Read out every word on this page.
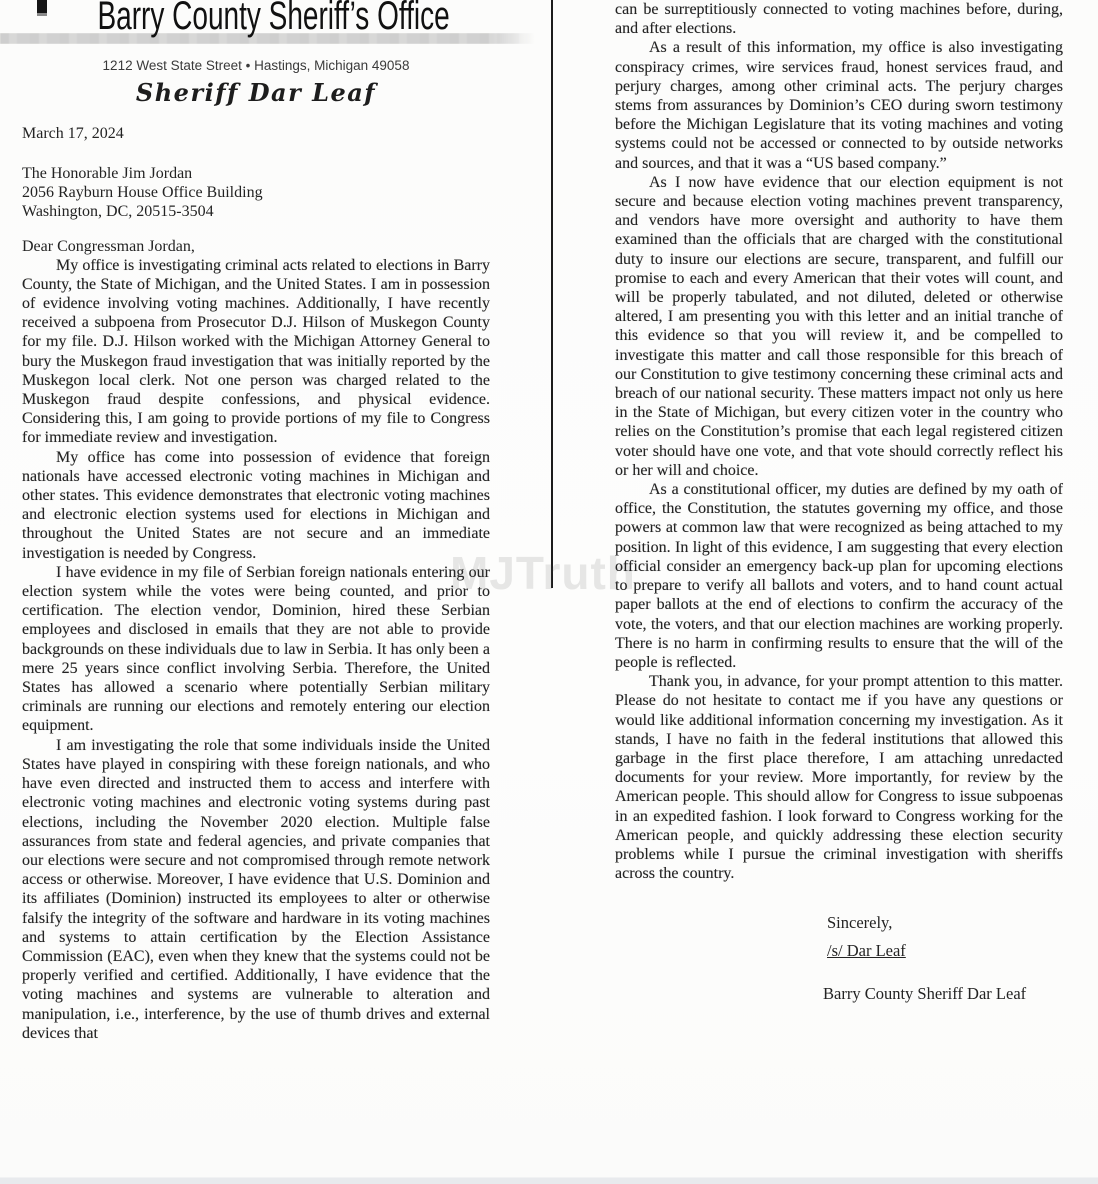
Barry County Sheriff’s Office
1212 West State Street • Hastings, Michigan 49058
Sheriff Dar Leaf
March 17, 2024
The Honorable Jim Jordan
2056 Rayburn House Office Building
Washington, DC, 20515-3504
Dear Congressman Jordan,

My office is investigating criminal acts related to elections in Barry County, the State of Michigan, and the United States. I am in possession of evidence involving voting machines. Additionally, I have recently received a subpoena from Prosecutor D.J. Hilson of Muskegon County for my file. D.J. Hilson worked with the Michigan Attorney General to bury the Muskegon fraud investigation that was initially reported by the Muskegon local clerk. Not one person was charged related to the Muskegon fraud despite confessions, and physical evidence. Considering this, I am going to provide portions of my file to Congress for immediate review and investigation.

My office has come into possession of evidence that foreign nationals have accessed electronic voting machines in Michigan and other states. This evidence demonstrates that electronic voting machines and electronic election systems used for elections in Michigan and throughout the United States are not secure and an immediate investigation is needed by Congress.

I have evidence in my file of Serbian foreign nationals entering our election system while the votes were being counted, and prior to certification. The election vendor, Dominion, hired these Serbian employees and disclosed in emails that they are not able to provide backgrounds on these individuals due to law in Serbia. It has only been a mere 25 years since conflict involving Serbia. Therefore, the United States has allowed a scenario where potentially Serbian military criminals are running our elections and remotely entering our election equipment.

I am investigating the role that some individuals inside the United States have played in conspiring with these foreign nationals, and who have even directed and instructed them to access and interfere with electronic voting machines and electronic voting systems during past elections, including the November 2020 election. Multiple false assurances from state and federal agencies, and private companies that our elections were secure and not compromised through remote network access or otherwise. Moreover, I have evidence that U.S. Dominion and its affiliates (Dominion) instructed its employees to alter or otherwise falsify the integrity of the software and hardware in its voting machines and systems to attain certification by the Election Assistance Commission (EAC), even when they knew that the systems could not be properly verified and certified. Additionally, I have evidence that the voting machines and systems are vulnerable to alteration and manipulation, i.e., interference, by the use of thumb drives and external devices that

MJTruth

can be surreptitiously connected to voting machines before, during, and after elections.

As a result of this information, my office is also investigating conspiracy crimes, wire services fraud, honest services fraud, and perjury charges, among other criminal acts. The perjury charges stems from assurances by Dominion’s CEO during sworn testimony before the Michigan Legislature that its voting machines and voting systems could not be accessed or connected to by outside networks and sources, and that it was a “US based company.”

As I now have evidence that our election equipment is not secure and because election voting machines prevent transparency, and vendors have more oversight and authority to have them examined than the officials that are charged with the constitutional duty to insure our elections are secure, transparent, and fulfill our promise to each and every American that their votes will count, and will be properly tabulated, and not diluted, deleted or otherwise altered, I am presenting you with this letter and an initial tranche of this evidence so that you will review it, and be compelled to investigate this matter and call those responsible for this breach of our Constitution to give testimony concerning these criminal acts and breach of our national security. These matters impact not only us here in the State of Michigan, but every citizen voter in the country who relies on the Constitution’s promise that each legal registered citizen voter should have one vote, and that vote should correctly reflect his or her will and choice.

As a constitutional officer, my duties are defined by my oath of office, the Constitution, the statutes governing my office, and those powers at common law that were recognized as being attached to my position. In light of this evidence, I am suggesting that every election official consider an emergency back-up plan for upcoming elections to prepare to verify all ballots and voters, and to hand count actual paper ballots at the end of elections to confirm the accuracy of the vote, the voters, and that our election machines are working properly. There is no harm in confirming results to ensure that the will of the people is reflected.

Thank you, in advance, for your prompt attention to this matter. Please do not hesitate to contact me if you have any questions or would like additional information concerning my investigation. As it stands, I have no faith in the federal institutions that allowed this garbage in the first place therefore, I am attaching unredacted documents for your review. More importantly, for review by the American people. This should allow for Congress to issue subpoenas in an expedited fashion. I look forward to Congress working for the American people, and quickly addressing these election security problems while I pursue the criminal investigation with sheriffs across the country.

Sincerely,
/s/ Dar Leaf
Barry County Sheriff Dar Leaf
